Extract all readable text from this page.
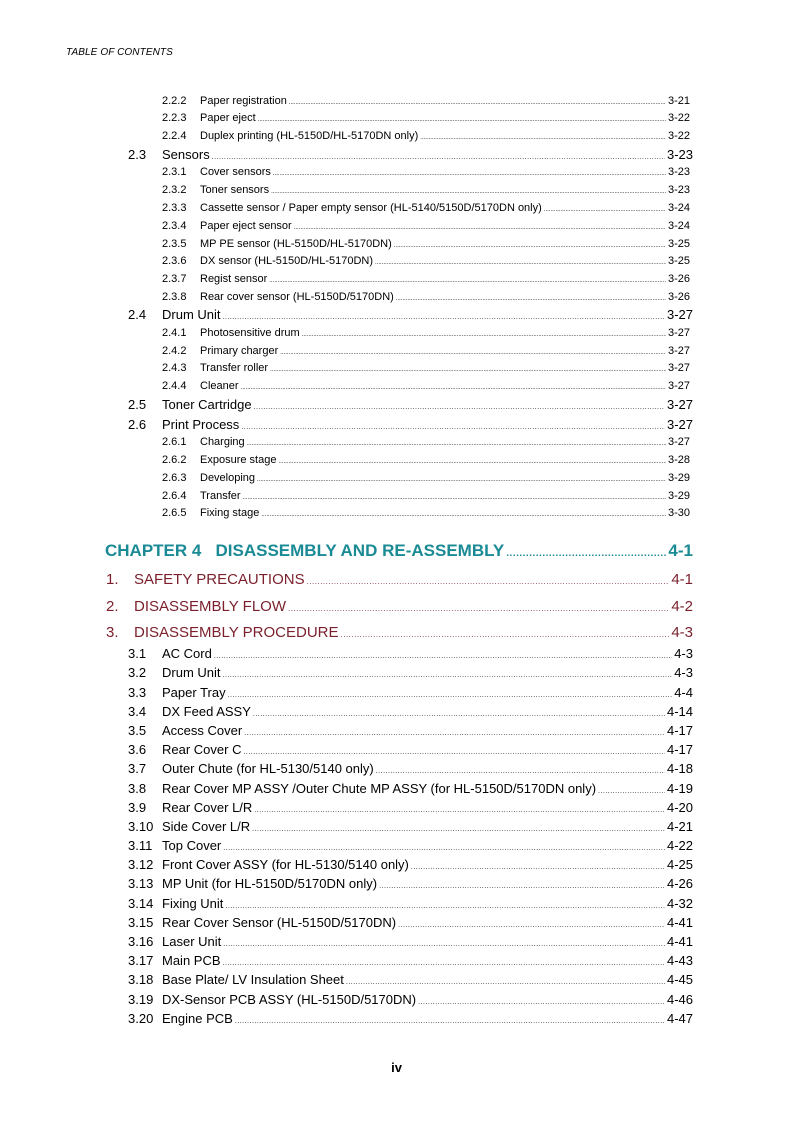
TABLE OF CONTENTS
2.2.2	Paper registration .....	3-21
2.2.3	Paper eject .....	3-22
2.2.4	Duplex printing (HL-5150D/HL-5170DN only) .....	3-22
2.3	Sensors .....	3-23
2.3.1	Cover sensors .....	3-23
2.3.2	Toner sensors .....	3-23
2.3.3	Cassette sensor / Paper empty sensor (HL-5140/5150D/5170DN only) .....	3-24
2.3.4	Paper eject sensor .....	3-24
2.3.5	MP PE sensor (HL-5150D/HL-5170DN) .....	3-25
2.3.6	DX sensor (HL-5150D/HL-5170DN) .....	3-25
2.3.7	Regist sensor .....	3-26
2.3.8	Rear cover sensor (HL-5150D/5170DN) .....	3-26
2.4	Drum Unit .....	3-27
2.4.1	Photosensitive drum .....	3-27
2.4.2	Primary charger .....	3-27
2.4.3	Transfer roller .....	3-27
2.4.4	Cleaner .....	3-27
2.5	Toner Cartridge .....	3-27
2.6	Print Process .....	3-27
2.6.1	Charging .....	3-27
2.6.2	Exposure stage .....	3-28
2.6.3	Developing .....	3-29
2.6.4	Transfer .....	3-29
2.6.5	Fixing stage .....	3-30
CHAPTER 4   DISASSEMBLY AND RE-ASSEMBLY .....	4-1
1.	SAFETY PRECAUTIONS .....	4-1
2.	DISASSEMBLY FLOW .....	4-2
3.	DISASSEMBLY PROCEDURE .....	4-3
3.1	AC Cord .....	4-3
3.2	Drum Unit .....	4-3
3.3	Paper Tray .....	4-4
3.4	DX Feed ASSY .....	4-14
3.5	Access Cover .....	4-17
3.6	Rear Cover C .....	4-17
3.7	Outer Chute (for HL-5130/5140 only) .....	4-18
3.8	Rear Cover MP ASSY /Outer Chute MP ASSY (for HL-5150D/5170DN only) .....	4-19
3.9	Rear Cover L/R .....	4-20
3.10 Side Cover L/R .....	4-21
3.11 Top Cover .....	4-22
3.12 Front Cover ASSY (for HL-5130/5140 only) .....	4-25
3.13 MP Unit (for HL-5150D/5170DN only) .....	4-26
3.14 Fixing Unit .....	4-32
3.15 Rear Cover Sensor (HL-5150D/5170DN) .....	4-41
3.16 Laser Unit .....	4-41
3.17 Main PCB .....	4-43
3.18 Base Plate/ LV Insulation Sheet .....	4-45
3.19 DX-Sensor PCB ASSY (HL-5150D/5170DN) .....	4-46
3.20 Engine PCB .....	4-47
iv
